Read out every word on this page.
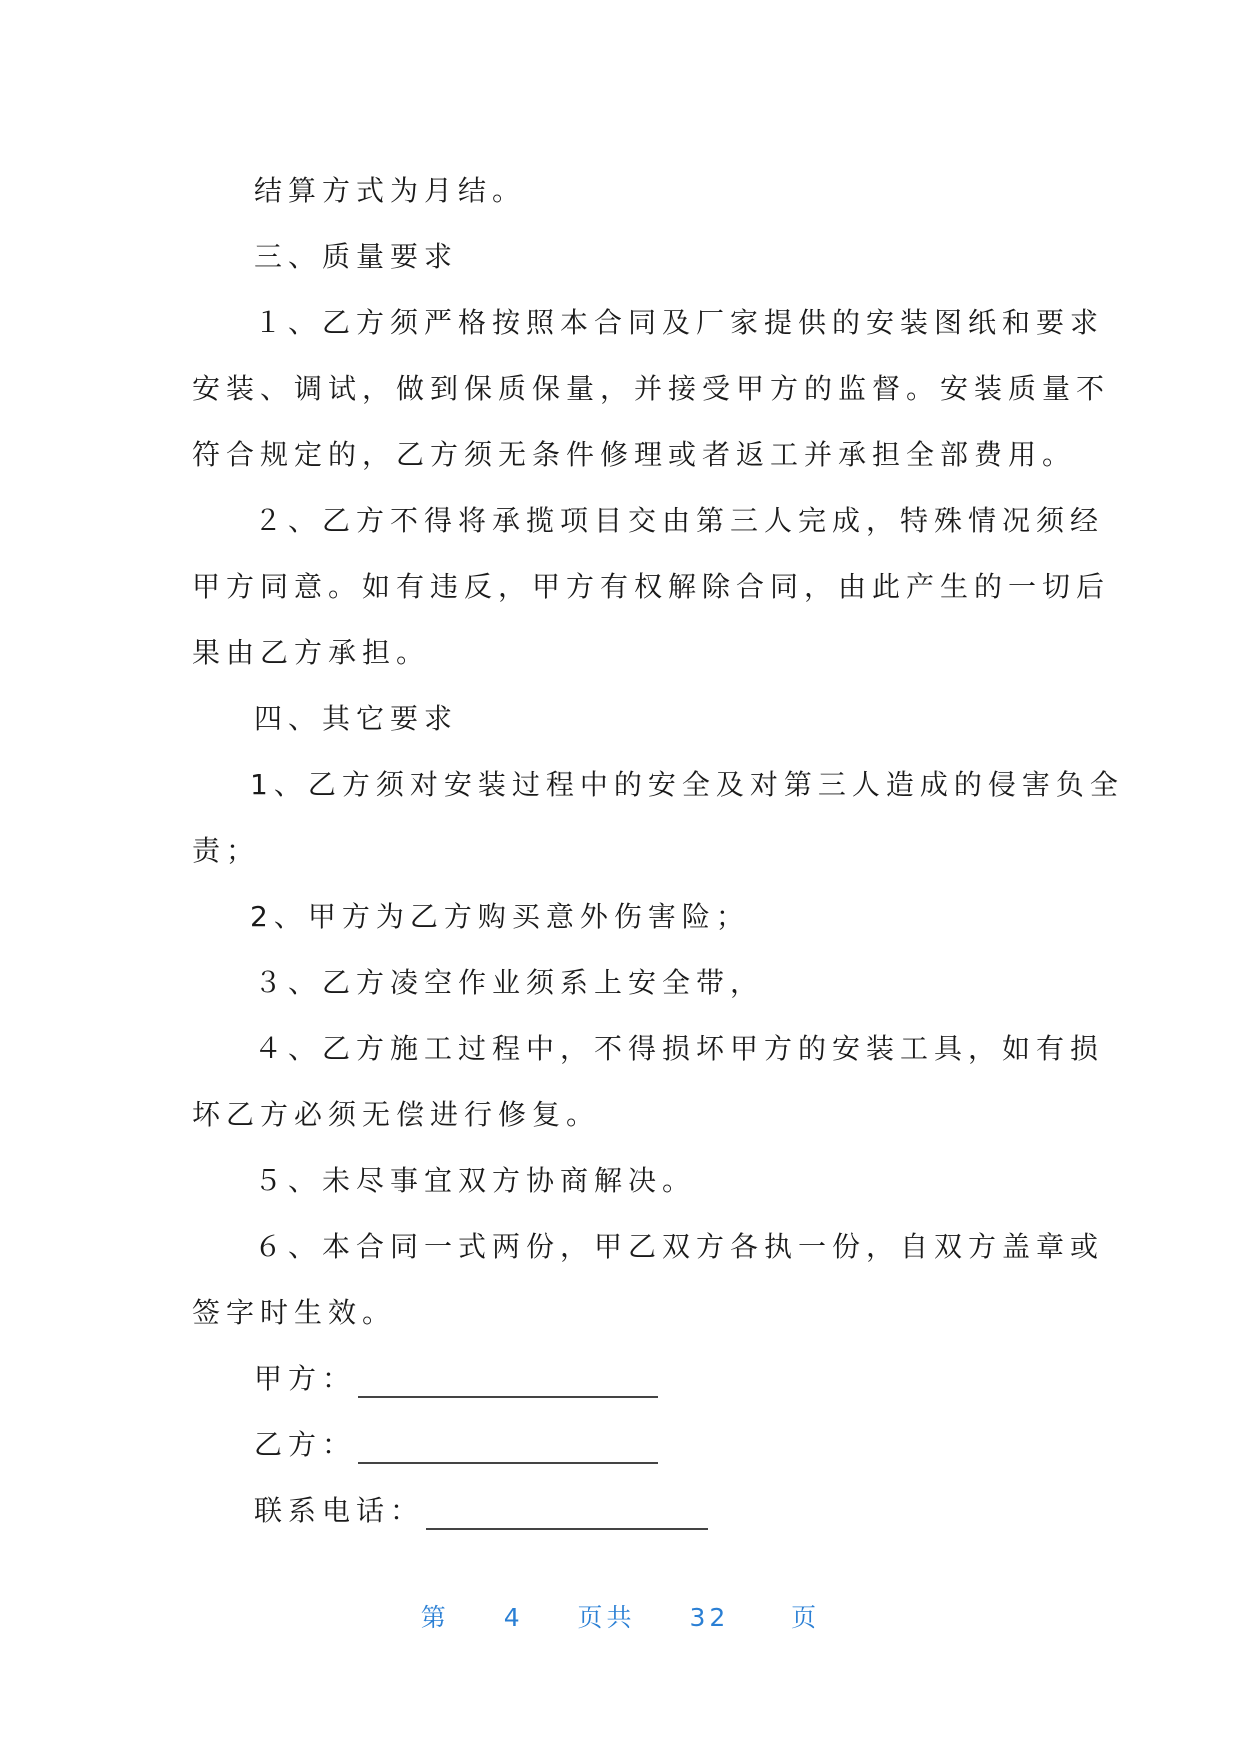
结算方式为月结。
三、质量要求
１、乙方须严格按照本合同及厂家提供的安装图纸和要求
安装、调试，做到保质保量，并接受甲方的监督。安装质量不
符合规定的，乙方须无条件修理或者返工并承担全部费用。
２、乙方不得将承揽项目交由第三人完成，特殊情况须经
甲方同意。如有违反，甲方有权解除合同，由此产生的一切后
果由乙方承担。
四、其它要求
1、乙方须对安装过程中的安全及对第三人造成的侵害负全
责；
2、甲方为乙方购买意外伤害险；
３、乙方凌空作业须系上安全带，
４、乙方施工过程中，不得损坏甲方的安装工具，如有损
坏乙方必须无偿进行修复。
５、未尽事宜双方协商解决。
６、本合同一式两份，甲乙双方各执一份，自双方盖章或
签字时生效。
甲方：
乙方：
联系电话：
第 4 页共 32 页
